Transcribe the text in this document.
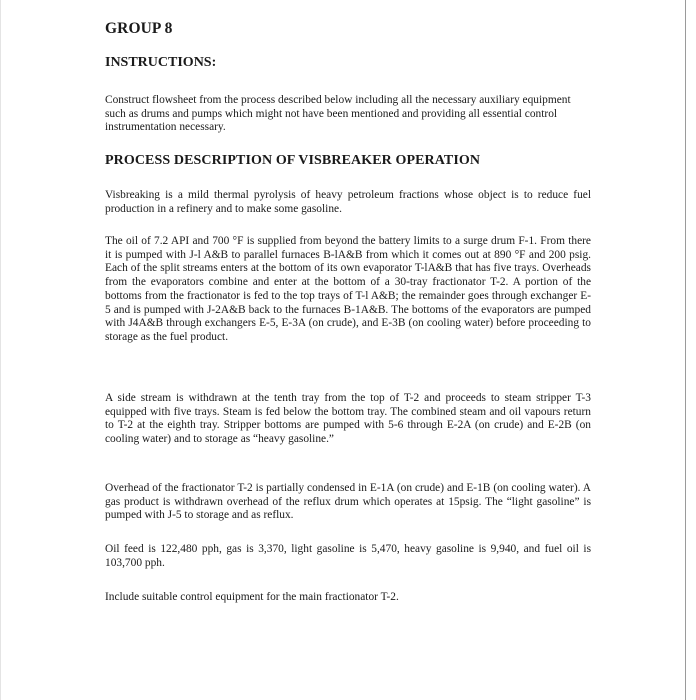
GROUP 8
INSTRUCTIONS:

Construct flowsheet from the process described below including all the necessary auxiliary equipment such as drums and pumps which might not have been mentioned and providing all essential control instrumentation necessary.

PROCESS DESCRIPTION OF VISBREAKER OPERATION

Visbreaking is a mild thermal pyrolysis of heavy petroleum fractions whose object is to reduce fuel production in a refinery and to make some gasoline.

The oil of 7.2 API and 700 °F is supplied from beyond the battery limits to a surge drum F-1. From there it is pumped with J-l A&B to parallel furnaces B-lA&B from which it comes out at 890 °F and 200 psig. Each of the split streams enters at the bottom of its own evaporator T-lA&B that has five trays. Overheads from the evaporators combine and enter at the bottom of a 30-tray fractionator T-2. A portion of the bottoms from the fractionator is fed to the top trays of T-l A&B; the remainder goes through exchanger E-5 and is pumped with J-2A&B back to the furnaces B-1A&B. The bottoms of the evaporators are pumped with J4A&B through exchangers E-5, E-3A (on crude), and E-3B (on cooling water) before proceeding to storage as the fuel product.

A side stream is withdrawn at the tenth tray from the top of T-2 and proceeds to steam stripper T-3 equipped with five trays. Steam is fed below the bottom tray. The combined steam and oil vapours return to T-2 at the eighth tray. Stripper bottoms are pumped with 5-6 through E-2A (on crude) and E-2B (on cooling water) and to storage as “heavy gasoline.”

Overhead of the fractionator T-2 is partially condensed in E-1A (on crude) and E-1B (on cooling water). A gas product is withdrawn overhead of the reflux drum which operates at 15psig. The “light gasoline” is pumped with J-5 to storage and as reflux.

Oil feed is 122,480 pph, gas is 3,370, light gasoline is 5,470, heavy gasoline is 9,940, and fuel oil is 103,700 pph.

Include suitable control equipment for the main fractionator T-2.
